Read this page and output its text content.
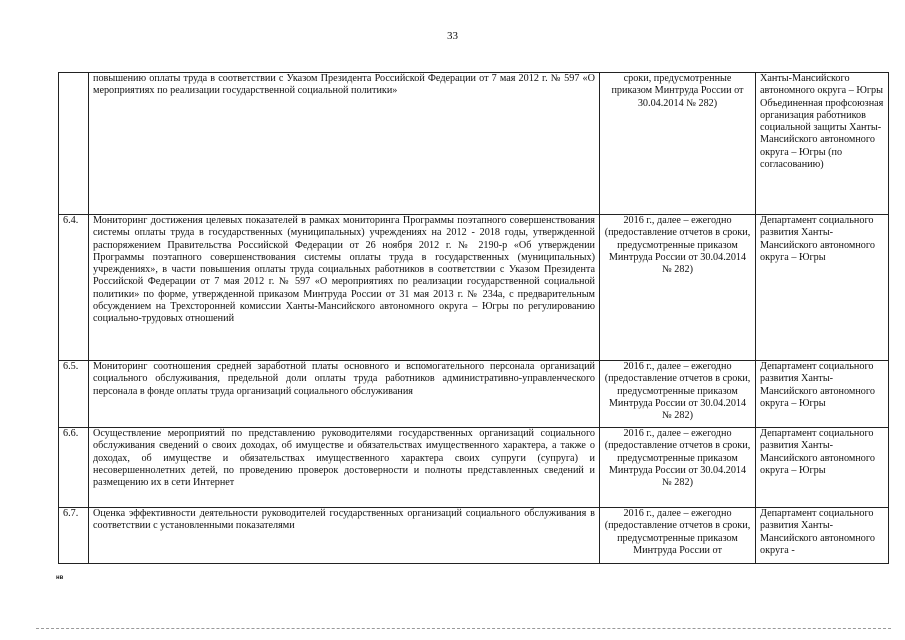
33
	повышению оплаты труда в соответствии с Указом Президента Российской Федерации от 7 мая 2012 г. № 597 «О мероприятиях по реализации государственной социальной политики»	сроки, предусмотренные приказом Минтруда России от 30.04.2014 № 282)	Ханты-Мансийского автономного округа – Югры Объединенная профсоюзная организация работников социальной защиты Ханты-Мансийского автономного округа – Югры (по согласованию)
6.4.	Мониторинг достижения целевых показателей в рамках мониторинга Программы поэтапного совершенствования системы оплаты труда в государственных (муниципальных) учреждениях на 2012 - 2018 годы, утвержденной распоряжением Правительства Российской Федерации от 26 ноября 2012 г. № 2190-р «Об утверждении Программы поэтапного совершенствования системы оплаты труда в государственных (муниципальных) учреждениях», в части повышения оплаты труда социальных работников в соответствии с Указом Президента Российской Федерации от 7 мая 2012 г. № 597 «О мероприятиях по реализации государственной социальной политики» по форме, утвержденной приказом Минтруда России от 31 мая 2013 г. № 234а, с предварительным обсуждением на Трехсторонней комиссии Ханты-Мансийского автономного округа – Югры по регулированию социально-трудовых отношений	2016 г., далее – ежегодно (предоставление отчетов в сроки, предусмотренные приказом Минтруда России от 30.04.2014 № 282)	Департамент социального развития Ханты-Мансийского автономного округа – Югры
6.5.	Мониторинг соотношения средней заработной платы основного и вспомогательного персонала организаций социального обслуживания, предельной доли оплаты труда работников административно-управленческого персонала в фонде оплаты труда организаций социального обслуживания	2016 г., далее – ежегодно (предоставление отчетов в сроки, предусмотренные приказом Минтруда России от 30.04.2014 № 282)	Департамент социального развития Ханты-Мансийского автономного округа – Югры
6.6.	Осуществление мероприятий по представлению руководителями государственных организаций социального обслуживания сведений о своих доходах, об имуществе и обязательствах имущественного характера, а также о доходах, об имуществе и обязательствах имущественного характера своих супруги (супруга) и несовершеннолетних детей, по проведению проверок достоверности и полноты представленных сведений и размещению их в сети Интернет	2016 г., далее – ежегодно (предоставление отчетов в сроки, предусмотренные приказом Минтруда России от 30.04.2014 № 282)	Департамент социального развития Ханты-Мансийского автономного округа – Югры
6.7.	Оценка эффективности деятельности руководителей государственных организаций социального обслуживания в соответствии с установленными показателями	2016 г., далее – ежегодно (предоставление отчетов в сроки, предусмотренные приказом Минтруда России от	Департамент социального развития Ханты-Мансийского автономного округа -
нв
